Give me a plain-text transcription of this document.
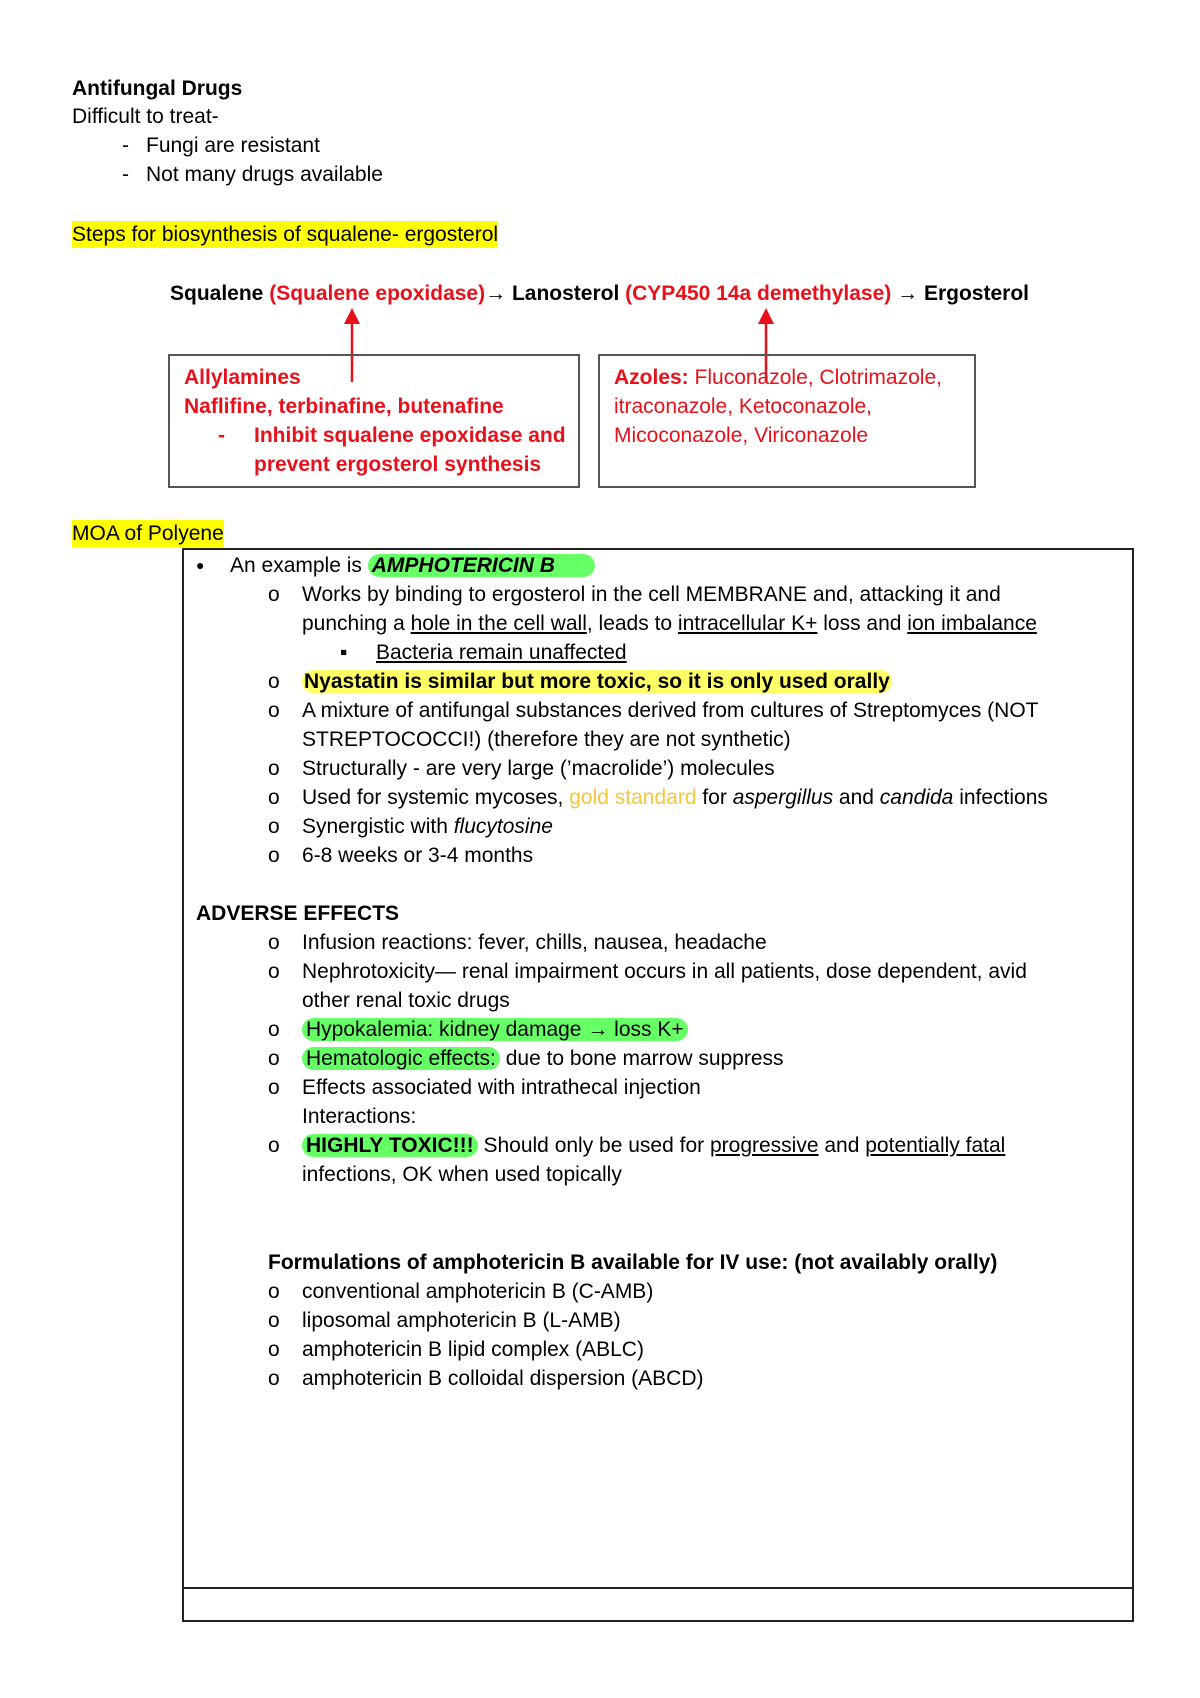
Antifungal Drugs
Difficult to treat-
- Fungi are resistant
- Not many drugs available
Steps for biosynthesis of squalene- ergosterol
Squalene (Squalene epoxidase)→ Lanosterol (CYP450 14a demethylase) → Ergosterol
Allylamines
Naflifine, terbinafine, butenafine
- Inhibit squalene epoxidase and
prevent ergosterol synthesis
Azoles: Fluconazole, Clotrimazole,
itraconazole, Ketoconazole,
Micoconazole, Viriconazole
MOA of Polyene
● An example is AMPHOTERICIN B
o Works by binding to ergosterol in the cell MEMBRANE and, attacking it and
punching a hole in the cell wall, leads to intracellular K+ loss and ion imbalance
▪ Bacteria remain unaffected
o Nyastatin is similar but more toxic, so it is only used orally
o A mixture of antifungal substances derived from cultures of Streptomyces (NOT
STREPTOCOCCI!) (therefore they are not synthetic)
o Structurally - are very large (’macrolide’) molecules
o Used for systemic mycoses, gold standard for aspergillus and candida infections
o Synergistic with flucytosine
o 6-8 weeks or 3-4 months
ADVERSE EFFECTS
o Infusion reactions: fever, chills, nausea, headache
o Nephrotoxicity— renal impairment occurs in all patients, dose dependent, avid
other renal toxic drugs
o Hypokalemia: kidney damage → loss K+
o Hematologic effects: due to bone marrow suppress
o Effects associated with intrathecal injection
Interactions:
o HIGHLY TOXIC!!! Should only be used for progressive and potentially fatal
infections, OK when used topically
Formulations of amphotericin B available for IV use: (not availably orally)
o conventional amphotericin B (C-AMB)
o liposomal amphotericin B (L-AMB)
o amphotericin B lipid complex (ABLC)
o amphotericin B colloidal dispersion (ABCD)
